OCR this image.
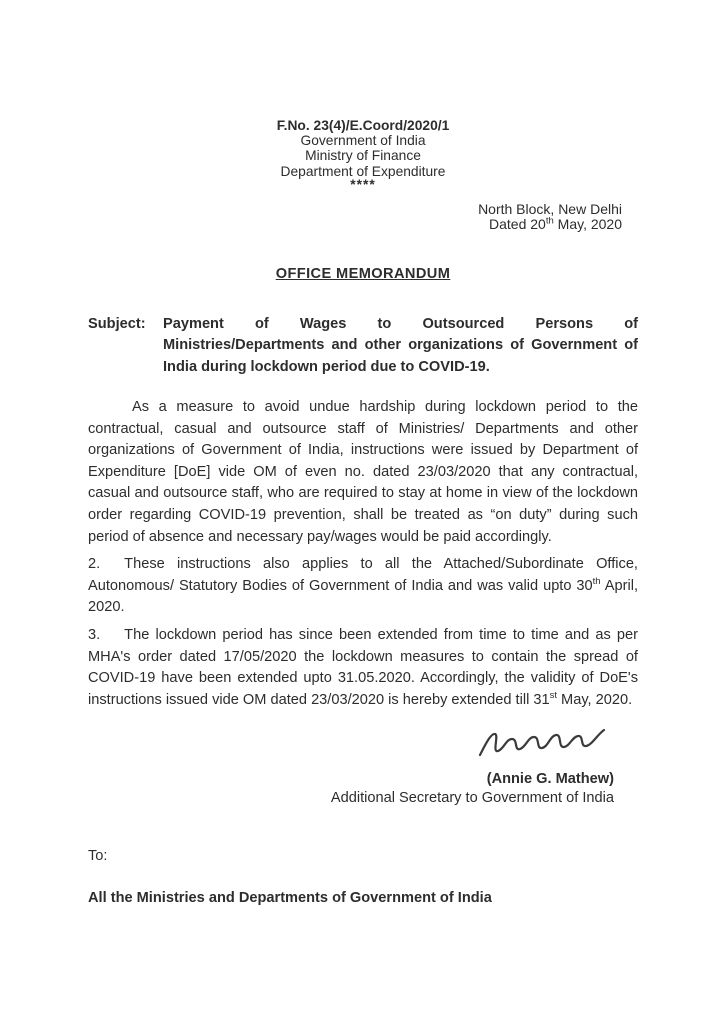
F.No. 23(4)/E.Coord/2020/1
Government of India
Ministry of Finance
Department of Expenditure
****
North Block, New Delhi
Dated 20th May, 2020
OFFICE MEMORANDUM
Subject:	Payment of Wages to Outsourced Persons of Ministries/Departments and other organizations of Government of India during lockdown period due to COVID-19.

As a measure to avoid undue hardship during lockdown period to the contractual, casual and outsource staff of Ministries/ Departments and other organizations of Government of India, instructions were issued by Department of Expenditure [DoE] vide OM of even no. dated 23/03/2020 that any contractual, casual and outsource staff, who are required to stay at home in view of the lockdown order regarding COVID-19 prevention, shall be treated as “on duty” during such period of absence and necessary pay/wages would be paid accordingly.

2. These instructions also applies to all the Attached/Subordinate Office, Autonomous/ Statutory Bodies of Government of India and was valid upto 30th April, 2020.

3. The lockdown period has since been extended from time to time and as per MHA's order dated 17/05/2020 the lockdown measures to contain the spread of COVID-19 have been extended upto 31.05.2020. Accordingly, the validity of DoE's instructions issued vide OM dated 23/03/2020 is hereby extended till 31st May, 2020.

(Annie G. Mathew)
Additional Secretary to Government of India
To:
All the Ministries and Departments of Government of India
